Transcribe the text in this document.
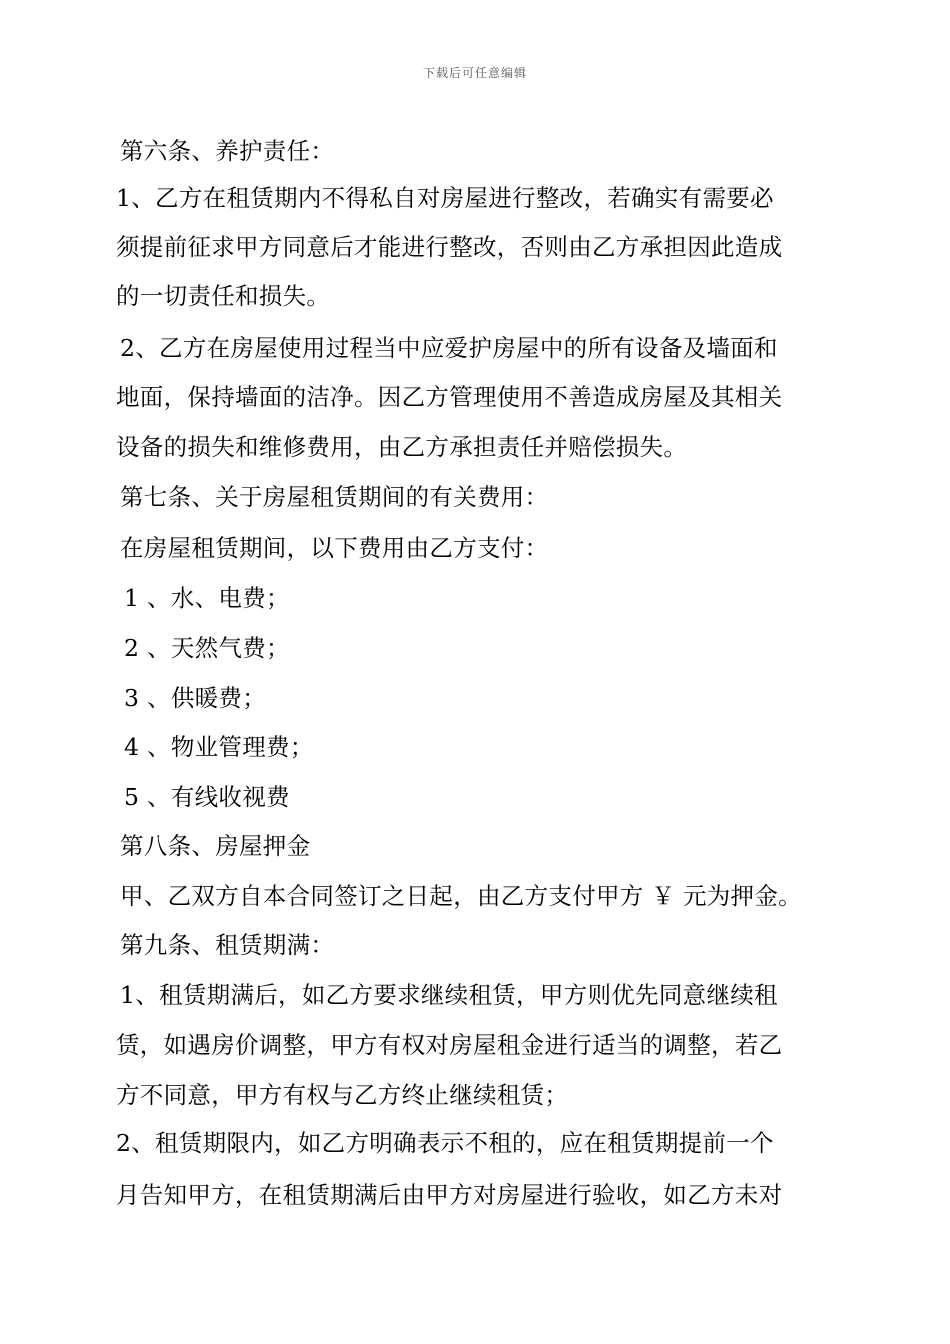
下载后可任意编辑
第六条、养护责任：
1、乙方在租赁期内不得私自对房屋进行整改，若确实有需要必
须提前征求甲方同意后才能进行整改，否则由乙方承担因此造成
的一切责任和损失。
2、乙方在房屋使用过程当中应爱护房屋中的所有设备及墙面和
地面，保持墙面的洁净。因乙方管理使用不善造成房屋及其相关
设备的损失和维修费用，由乙方承担责任并赔偿损失。
第七条、关于房屋租赁期间的有关费用：
在房屋租赁期间，以下费用由乙方支付：
1 、水、电费；
2 、天然气费；
3 、供暖费；
4 、物业管理费；
5 、有线收视费
第八条、房屋押金
甲、乙双方自本合同签订之日起，由乙方支付甲方 ￥ 元为押金。
第九条、租赁期满：
1、租赁期满后，如乙方要求继续租赁，甲方则优先同意继续租
赁，如遇房价调整，甲方有权对房屋租金进行适当的调整，若乙
方不同意，甲方有权与乙方终止继续租赁；
2、租赁期限内，如乙方明确表示不租的，应在租赁期提前一个
月告知甲方，在租赁期满后由甲方对房屋进行验收，如乙方未对
